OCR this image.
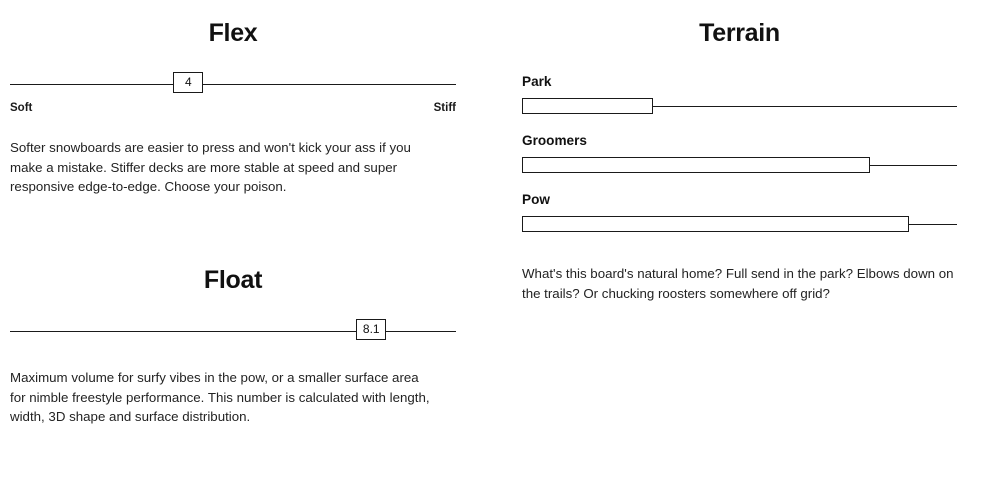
Flex
4
Soft	Stiff

Softer snowboards are easier to press and won't kick your ass if you make a mistake. Stiffer decks are more stable at speed and super responsive edge-to-edge. Choose your poison.

Float
8.1

Maximum volume for surfy vibes in the pow, or a smaller surface area for nimble freestyle performance. This number is calculated with length, width, 3D shape and surface distribution.

Terrain
Park
Groomers
Pow

What's this board's natural home? Full send in the park? Elbows down on the trails? Or chucking roosters somewhere off grid?
